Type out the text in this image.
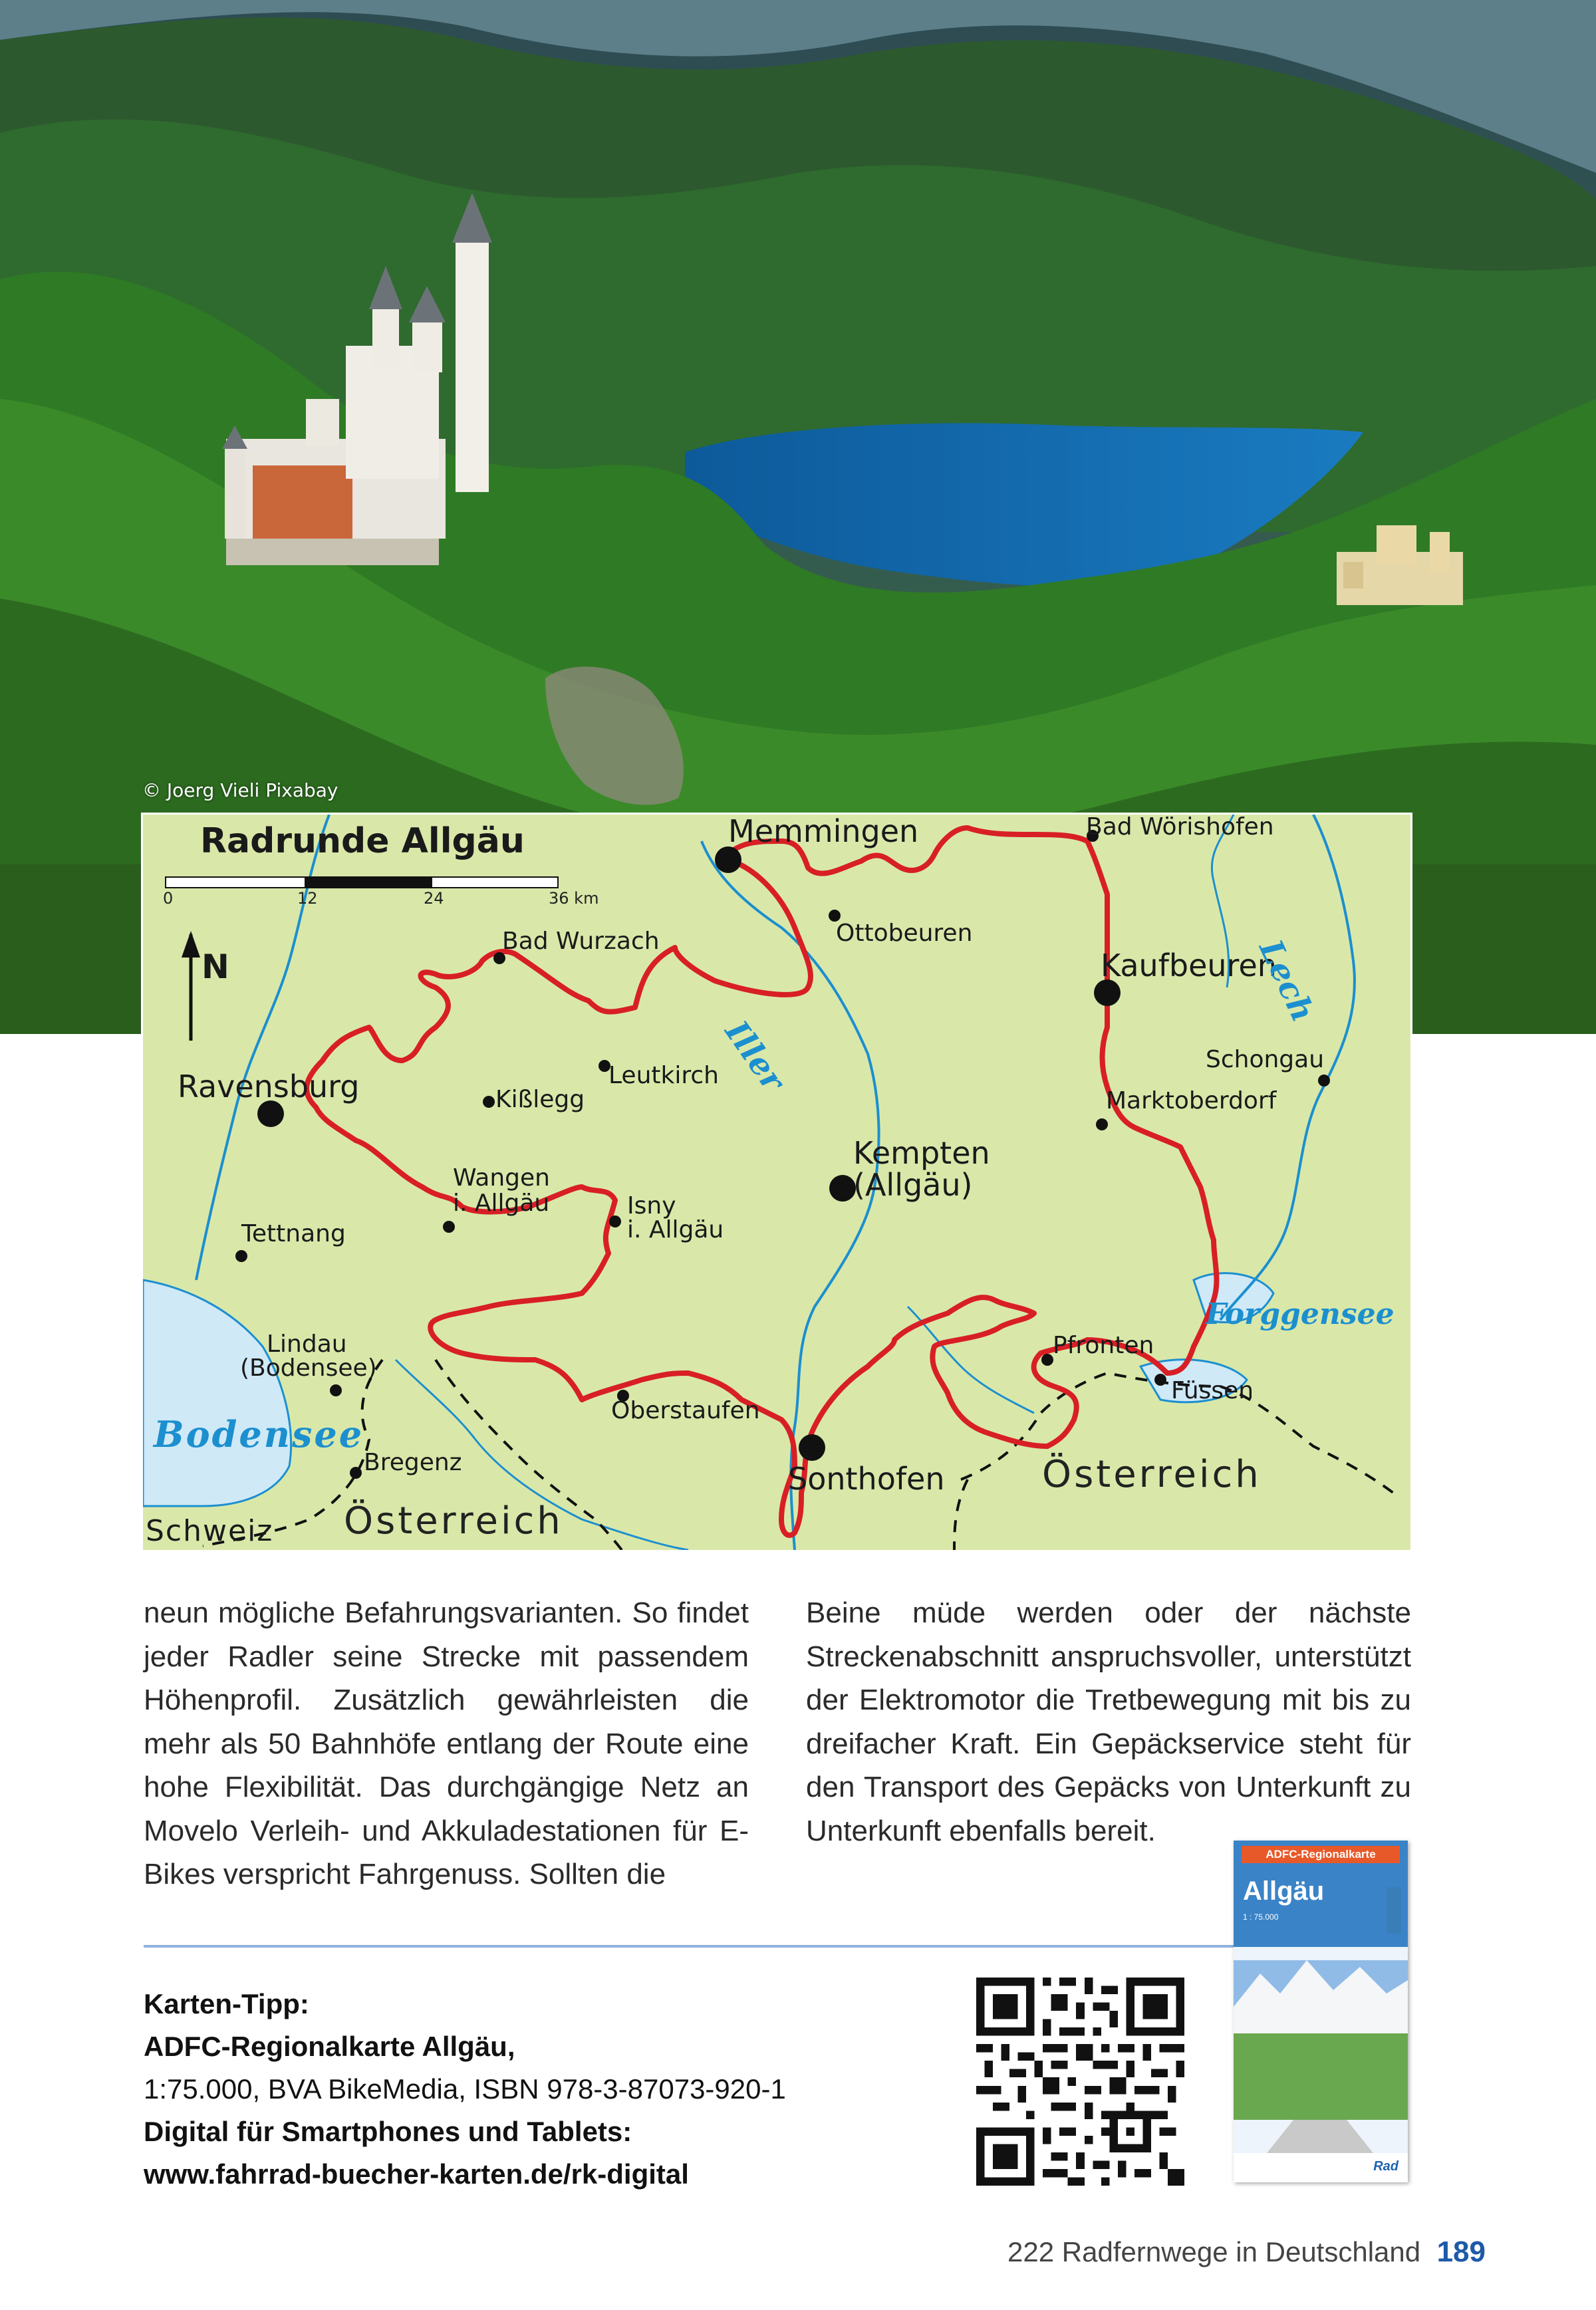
© Joerg Vieli Pixabay
Radrunde Allgäu
0	12	24	36 km
N
Memmingen	Bad Wörishofen
Ottobeuren
Bad Wurzach
Kaufbeuren
Leutkirch
Ravensburg	Kißlegg
Schongau
Marktoberdorf
Kempten
(Allgäu)
Wangen
i. Allgäu	Isny
i. Allgäu
Tettnang
Lindau
(Bodensee)
Pfronten
Füssen
Oberstaufen
Bregenz	Sonthofen
Iller
Lech
Forggensee
Bodensee
Österreich
Österreich
Schweiz

neun mögliche Befahrungsvarianten. So findet jeder Radler seine Strecke mit passendem Höhenprofil. Zusätzlich gewährleisten die mehr als 50 Bahnhöfe entlang der Route eine hohe Flexibilität. Das durchgängige Netz an Movelo Verleih- und Akkuladestationen für E-Bikes verspricht Fahrgenuss. Sollten die

Beine müde werden oder der nächste Streckenabschnitt anspruchsvoller, unterstützt der Elektromotor die Tretbewegung mit bis zu dreifacher Kraft. Ein Gepäckservice steht für den Transport des Gepäcks von Unterkunft zu Unterkunft ebenfalls bereit.

Karten-Tipp:
ADFC-Regionalkarte Allgäu,
1:75.000, BVA BikeMedia, ISBN 978-3-87073-920-1
Digital für Smartphones und Tablets:
www.fahrrad-buecher-karten.de/rk-digital
ADFC-Regionalkarte
Allgäu
1 : 75.000
Rad
222 Radfernwege in Deutschland 189
